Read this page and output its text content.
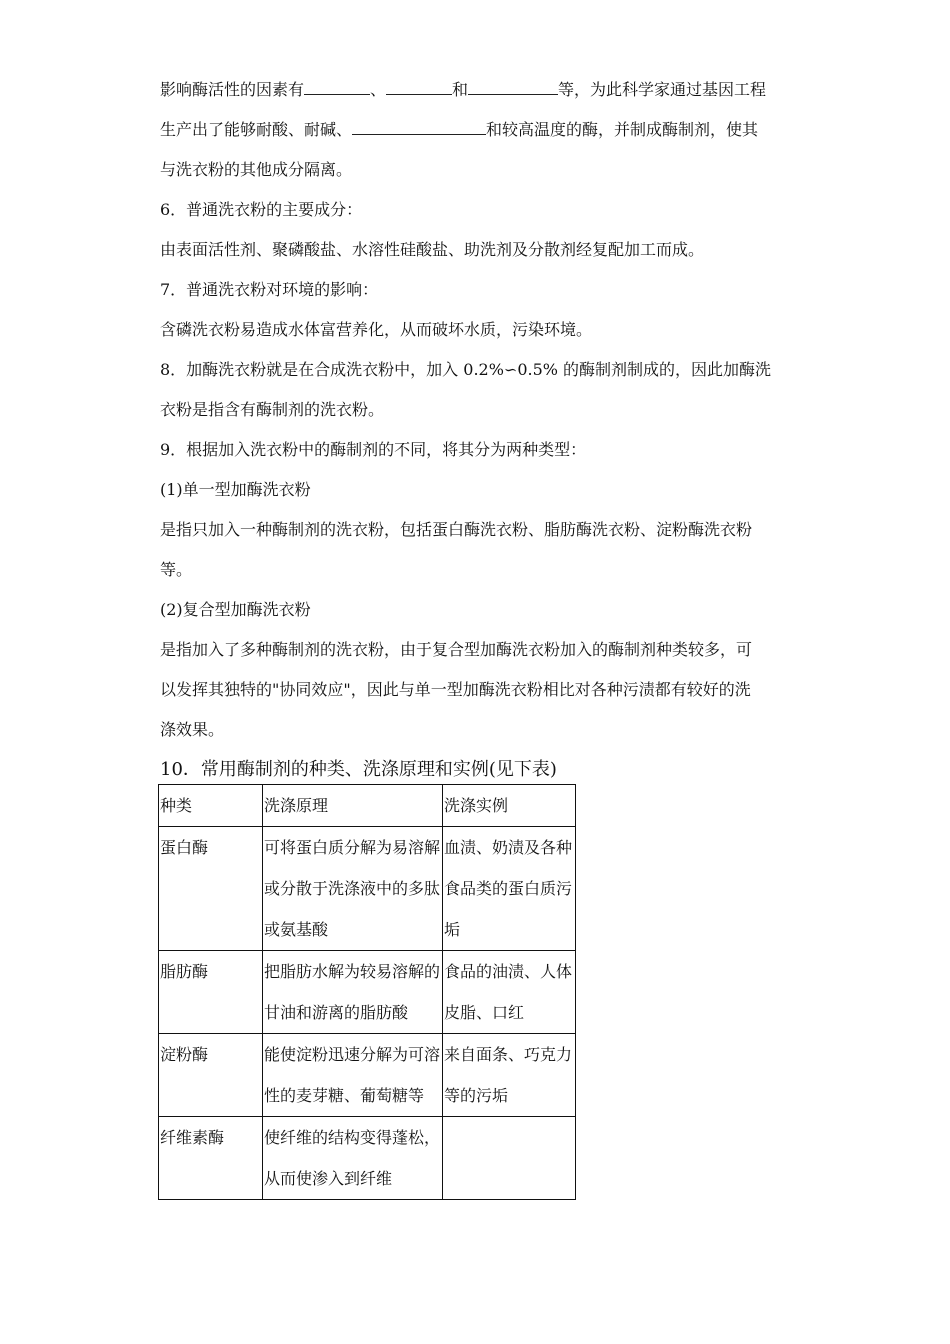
影响酶活性的因素有	、	和	等，为此科学家通过基因工程

生产出了能够耐酸、耐碱、	和较高温度的酶，并制成酶制剂，使其

与洗衣粉的其他成分隔离。

6．普通洗衣粉的主要成分：

由表面活性剂、聚磷酸盐、水溶性硅酸盐、助洗剂及分散剂经复配加工而成。

7．普通洗衣粉对环境的影响：

含磷洗衣粉易造成水体富营养化，从而破坏水质，污染环境。

8．加酶洗衣粉就是在合成洗衣粉中，加入 0.2%∽0.5% 的酶制剂制成的，因此加酶洗

衣粉是指含有酶制剂的洗衣粉。

9．根据加入洗衣粉中的酶制剂的不同，将其分为两种类型：

(1)单一型加酶洗衣粉

是指只加入一种酶制剂的洗衣粉，包括蛋白酶洗衣粉、脂肪酶洗衣粉、淀粉酶洗衣粉

等。

(2)复合型加酶洗衣粉

是指加入了多种酶制剂的洗衣粉，由于复合型加酶洗衣粉加入的酶制剂种类较多，可

以发挥其独特的"协同效应"，因此与单一型加酶洗衣粉相比对各种污渍都有较好的洗

涤效果。

10．常用酶制剂的种类、洗涤原理和实例(见下表)

种类	洗涤原理	洗涤实例
蛋白酶	可将蛋白质分解为易溶解或分散于洗涤液中的多肽或氨基酸	血渍、奶渍及各种食品类的蛋白质污垢
脂肪酶	把脂肪水解为较易溶解的甘油和游离的脂肪酸	食品的油渍、人体皮脂、口红
淀粉酶	能使淀粉迅速分解为可溶性的麦芽糖、葡萄糖等	来自面条、巧克力等的污垢
纤维素酶	使纤维的结构变得蓬松， 从而使渗入到纤维	
